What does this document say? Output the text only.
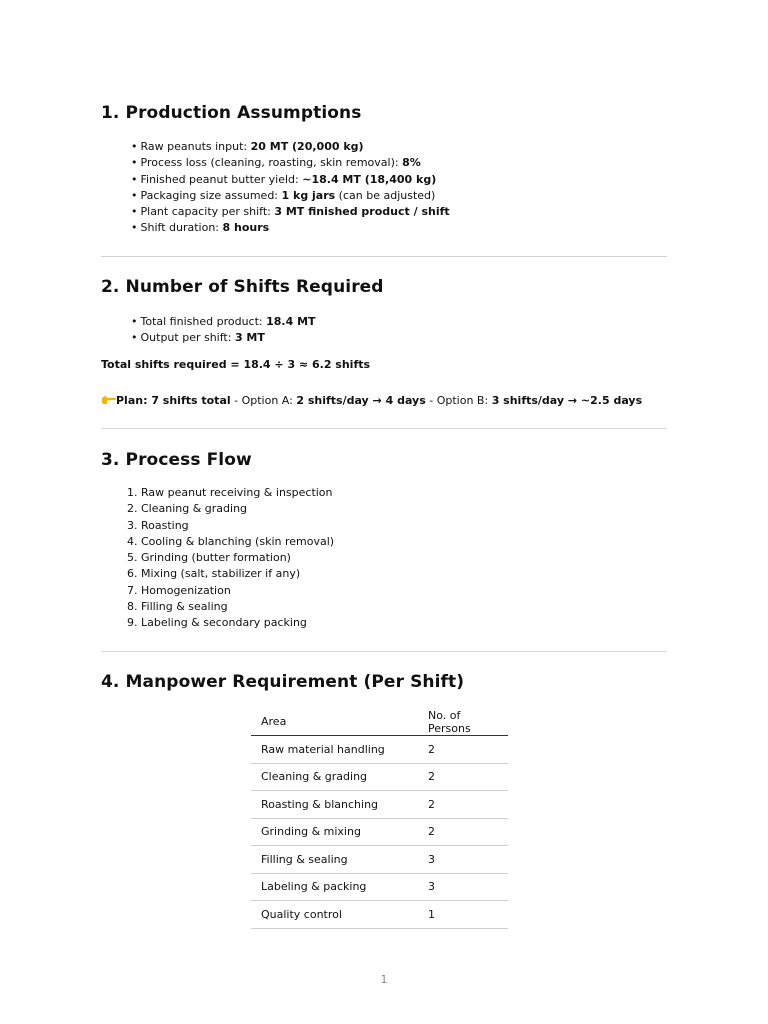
1. Production Assumptions
• Raw peanuts input: 20 MT (20,000 kg)
• Process loss (cleaning, roasting, skin removal): 8%
• Finished peanut butter yield: ~18.4 MT (18,400 kg)
• Packaging size assumed: 1 kg jars (can be adjusted)
• Plant capacity per shift: 3 MT finished product / shift
• Shift duration: 8 hours
2. Number of Shifts Required
• Total finished product: 18.4 MT
• Output per shift: 3 MT
Total shifts required = 18.4 ÷ 3 ≈ 6.2 shifts
Plan: 7 shifts total - Option A: 2 shifts/day → 4 days - Option B: 3 shifts/day → ~2.5 days
3. Process Flow
1. Raw peanut receiving & inspection
2. Cleaning & grading
3. Roasting
4. Cooling & blanching (skin removal)
5. Grinding (butter formation)
6. Mixing (salt, stabilizer if any)
7. Homogenization
8. Filling & sealing
9. Labeling & secondary packing
4. Manpower Requirement (Per Shift)
Area	No. of Persons
Raw material handling	2
Cleaning & grading	2
Roasting & blanching	2
Grinding & mixing	2
Filling & sealing	3
Labeling & packing	3
Quality control	1
1
